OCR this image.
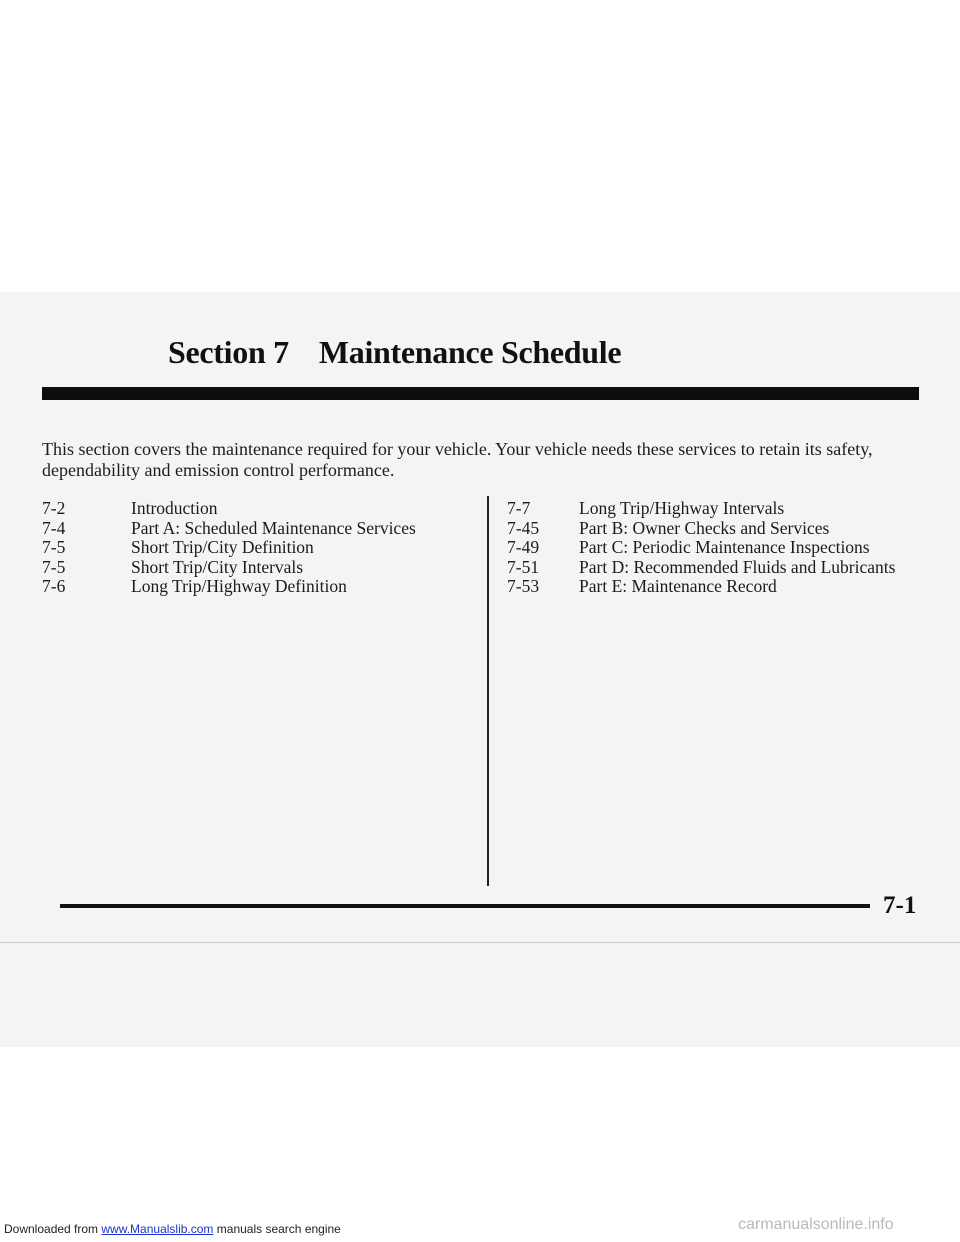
Section 7 Maintenance Schedule
This section covers the maintenance required for your vehicle. Your vehicle needs these services to retain its safety, dependability and emission control performance.
7-2	Introduction
7-4	Part A: Scheduled Maintenance Services
7-5	Short Trip/City Definition
7-5	Short Trip/City Intervals
7-6	Long Trip/Highway Definition
7-7	Long Trip/Highway Intervals
7-45 Part B: Owner Checks and Services
7-49 Part C: Periodic Maintenance Inspections
7-51 Part D: Recommended Fluids and Lubricants
7-53 Part E: Maintenance Record
7-1
Downloaded from www.Manualslib.com manuals search engine	carmanualsonline.info
